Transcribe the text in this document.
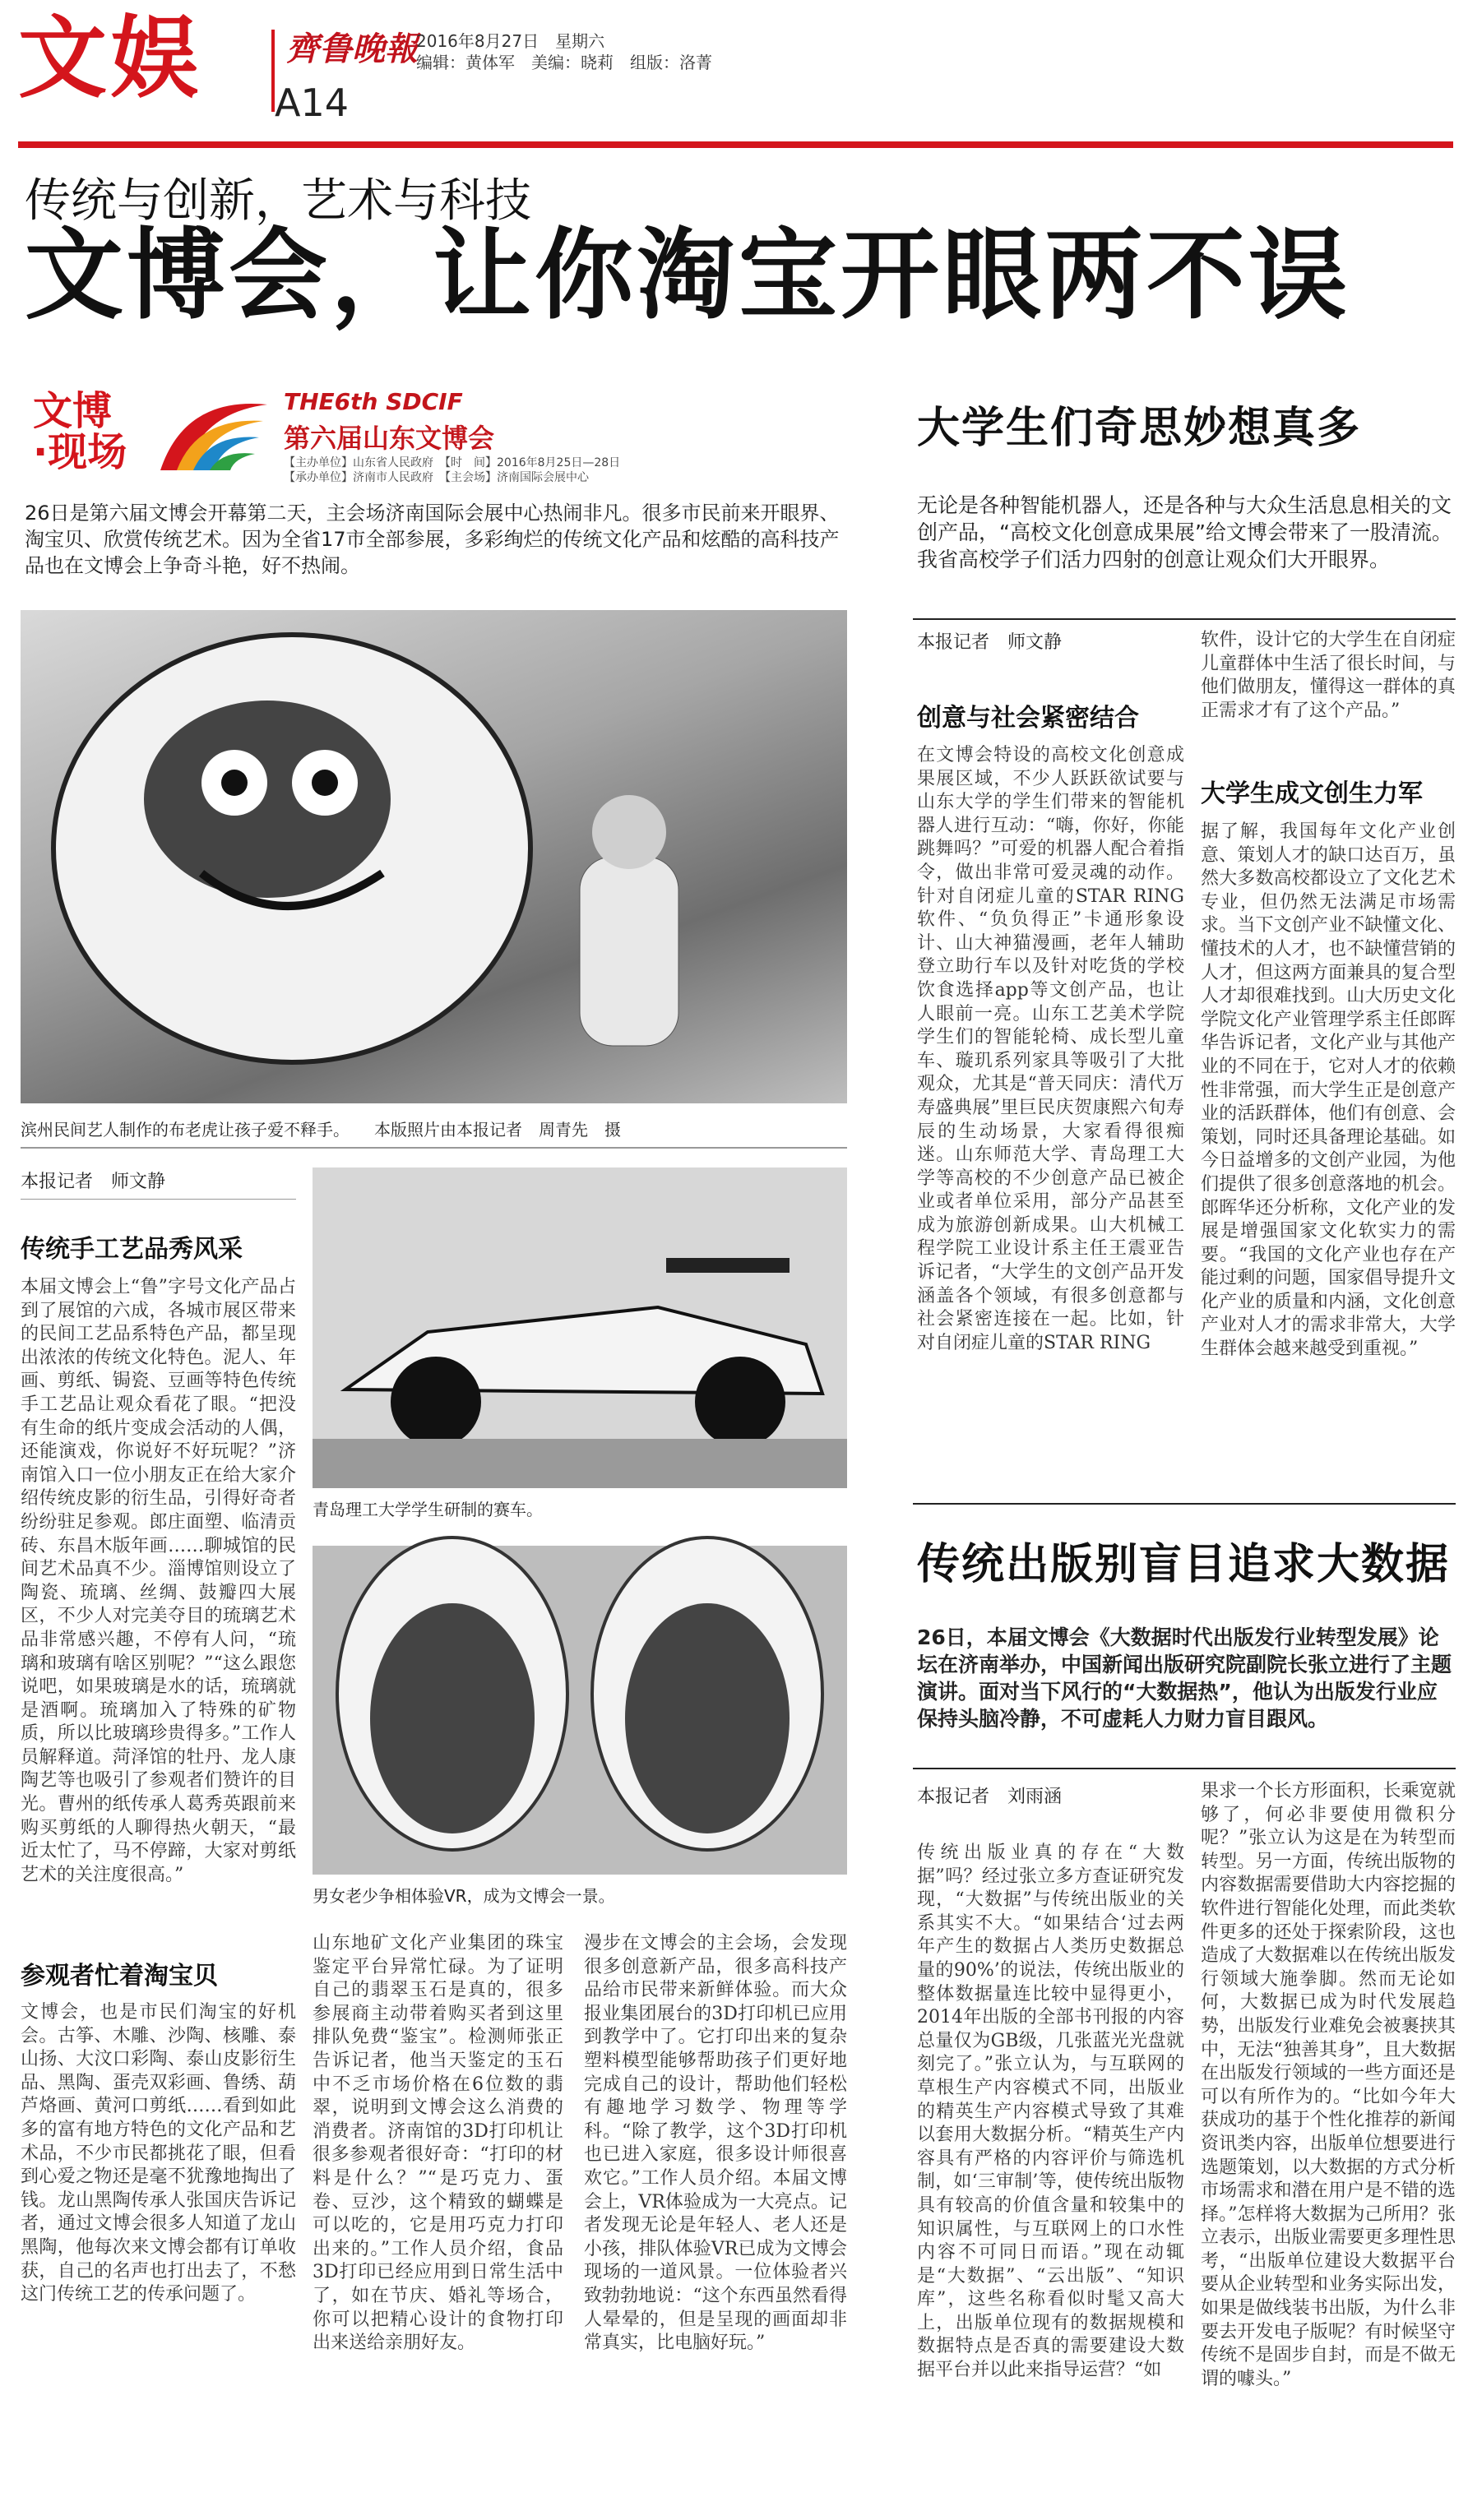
文娱	齊鲁晚報
A14
2016年8月27日　星期六
编辑：黄体军　美编：晓莉　组版：洛菁
传统与创新，艺术与科技
文博会，让你淘宝开眼两不误
文博
·现场
THE6th SDCIF
第六届山东文博会
【主办单位】山东省人民政府　【时　间】2016年8月25日—28日
【承办单位】济南市人民政府　【主会场】济南国际会展中心
26日是第六届文博会开幕第二天，主会场济南国际会展中心热闹非凡。很多市民前来开眼界、淘宝贝、欣赏传统艺术。因为全省17市全部参展，多彩绚烂的传统文化产品和炫酷的高科技产品也在文博会上争奇斗艳，好不热闹。
滨州民间艺人制作的布老虎让孩子爱不释手。　　本版照片由本报记者　周青先　摄
本报记者　师文静
传统手工艺品秀风采
本届文博会上“鲁”字号文化产品占到了展馆的六成，各城市展区带来的民间工艺品系特色产品，都呈现出浓浓的传统文化特色。泥人、年画、剪纸、锔瓷、豆画等特色传统手工艺品让观众看花了眼。“把没有生命的纸片变成会活动的人偶，还能演戏，你说好不好玩呢？”济南馆入口一位小朋友正在给大家介绍传统皮影的衍生品，引得好奇者纷纷驻足参观。郎庄面塑、临清贡砖、东昌木版年画……聊城馆的民间艺术品真不少。淄博馆则设立了陶瓷、琉璃、丝绸、鼓瓣四大展区，不少人对完美夺目的琉璃艺术品非常感兴趣，不停有人问，“琉璃和玻璃有啥区别呢？”“这么跟您说吧，如果玻璃是水的话，琉璃就是酒啊。琉璃加入了特殊的矿物质，所以比玻璃珍贵得多。”工作人员解释道。菏泽馆的牡丹、龙人康陶艺等也吸引了参观者们赞许的目光。曹州的纸传承人葛秀英跟前来购买剪纸的人聊得热火朝天，“最近太忙了，马不停蹄，大家对剪纸艺术的关注度很高。”
参观者忙着淘宝贝
文博会，也是市民们淘宝的好机会。古筝、木雕、沙陶、核雕、泰山扬、大汶口彩陶、泰山皮影衍生品、黑陶、蛋壳双彩画、鲁绣、葫芦烙画、黄河口剪纸……看到如此多的富有地方特色的文化产品和艺术品，不少市民都挑花了眼，但看到心爱之物还是毫不犹豫地掏出了钱。龙山黑陶传承人张国庆告诉记者，通过文博会很多人知道了龙山黑陶，他每次来文博会都有订单收获，自己的名声也打出去了，不愁这门传统工艺的传承问题了。
青岛理工大学学生研制的赛车。
男女老少争相体验VR，成为文博会一景。
山东地矿文化产业集团的珠宝鉴定平台异常忙碌。为了证明自己的翡翠玉石是真的，很多参展商主动带着购买者到这里排队免费“鉴宝”。检测师张正告诉记者，他当天鉴定的玉石中不乏市场价格在6位数的翡翠，说明到文博会这么消费的消费者。济南馆的3D打印机让很多参观者很好奇：“打印的材料是什么？”“是巧克力、蛋卷、豆沙，这个精致的蝴蝶是可以吃的，它是用巧克力打印出来的。”工作人员介绍，食品3D打印已经应用到日常生活中了，如在节庆、婚礼等场合，你可以把精心设计的食物打印出来送给亲朋好友。
漫步在文博会的主会场，会发现很多创意新产品，很多高科技产品给市民带来新鲜体验。而大众报业集团展台的3D打印机已应用到教学中了。它打印出来的复杂塑料模型能够帮助孩子们更好地完成自己的设计，帮助他们轻松有趣地学习数学、物理等学科。“除了教学，这个3D打印机也已进入家庭，很多设计师很喜欢它。”工作人员介绍。本届文博会上，VR体验成为一大亮点。记者发现无论是年轻人、老人还是小孩，排队体验VR已成为文博会现场的一道风景。一位体验者兴致勃勃地说：“这个东西虽然看得人晕晕的，但是呈现的画面却非常真实，比电脑好玩。”
大学生们奇思妙想真多
无论是各种智能机器人，还是各种与大众生活息息相关的文创产品，“高校文化创意成果展”给文博会带来了一股清流。我省高校学子们活力四射的创意让观众们大开眼界。
本报记者　师文静
创意与社会紧密结合
在文博会特设的高校文化创意成果展区域，不少人跃跃欲试要与山东大学的学生们带来的智能机器人进行互动：“嗨，你好，你能跳舞吗？”可爱的机器人配合着指令，做出非常可爱灵魂的动作。针对自闭症儿童的STAR RING软件、“负负得正”卡通形象设计、山大神猫漫画，老年人辅助登立助行车以及针对吃货的学校饮食选择app等文创产品，也让人眼前一亮。山东工艺美术学院学生们的智能轮椅、成长型儿童车、璇玑系列家具等吸引了大批观众，尤其是“普天同庆：清代万寿盛典展”里巨民庆贺康熙六旬寿辰的生动场景，大家看得很痴迷。山东师范大学、青岛理工大学等高校的不少创意产品已被企业或者单位采用，部分产品甚至成为旅游创新成果。山大机械工程学院工业设计系主任王震亚告诉记者，“大学生的文创产品开发涵盖各个领域，有很多创意都与社会紧密连接在一起。比如，针对自闭症儿童的STAR RING
软件，设计它的大学生在自闭症儿童群体中生活了很长时间，与他们做朋友，懂得这一群体的真正需求才有了这个产品。”
大学生成文创生力军
据了解，我国每年文化产业创意、策划人才的缺口达百万，虽然大多数高校都设立了文化艺术专业，但仍然无法满足市场需求。当下文创产业不缺懂文化、懂技术的人才，也不缺懂营销的人才，但这两方面兼具的复合型人才却很难找到。山大历史文化学院文化产业管理学系主任郎晖华告诉记者，文化产业与其他产业的不同在于，它对人才的依赖性非常强，而大学生正是创意产业的活跃群体，他们有创意、会策划，同时还具备理论基础。如今日益增多的文创产业园，为他们提供了很多创意落地的机会。郎晖华还分析称，文化产业的发展是增强国家文化软实力的需要。“我国的文化产业也存在产能过剩的问题，国家倡导提升文化产业的质量和内涵，文化创意产业对人才的需求非常大，大学生群体会越来越受到重视。”
传统出版别盲目追求大数据
26日，本届文博会《大数据时代出版发行业转型发展》论坛在济南举办，中国新闻出版研究院副院长张立进行了主题演讲。面对当下风行的“大数据热”，他认为出版发行业应保持头脑冷静，不可虚耗人力财力盲目跟风。
本报记者　刘雨涵
传统出版业真的存在“大数据”吗？经过张立多方查证研究发现，“大数据”与传统出版业的关系其实不大。“如果结合‘过去两年产生的数据占人类历史数据总量的90%’的说法，传统出版业的整体数据量连比较中显得更小，2014年出版的全部书刊报的内容总量仅为GB级，几张蓝光光盘就刻完了。”张立认为，与互联网的草根生产内容模式不同，出版业的精英生产内容模式导致了其难以套用大数据分析。“精英生产内容具有严格的内容评价与筛选机制，如‘三审制’等，使传统出版物具有较高的价值含量和较集中的知识属性，与互联网上的口水性内容不可同日而语。”现在动辄是“大数据”、“云出版”、“知识库”，这些名称看似时髦又高大上，出版单位现有的数据规模和数据特点是否真的需要建设大数据平台并以此来指导运营？“如
果求一个长方形面积，长乘宽就够了，何必非要使用微积分呢？”张立认为这是在为转型而转型。另一方面，传统出版物的内容数据需要借助大内容挖掘的软件进行智能化处理，而此类软件更多的还处于探索阶段，这也造成了大数据难以在传统出版发行领域大施拳脚。然而无论如何，大数据已成为时代发展趋势，出版发行业难免会被裹挟其中，无法“独善其身”，且大数据在出版发行领域的一些方面还是可以有所作为的。“比如今年大获成功的基于个性化推荐的新闻资讯类内容，出版单位想要进行选题策划，以大数据的方式分析市场需求和潜在用户是不错的选择。”怎样将大数据为己所用？张立表示，出版业需要更多理性思考，“出版单位建设大数据平台要从企业转型和业务实际出发，如果是做线装书出版，为什么非要去开发电子版呢？有时候坚守传统不是固步自封，而是不做无谓的噱头。”
